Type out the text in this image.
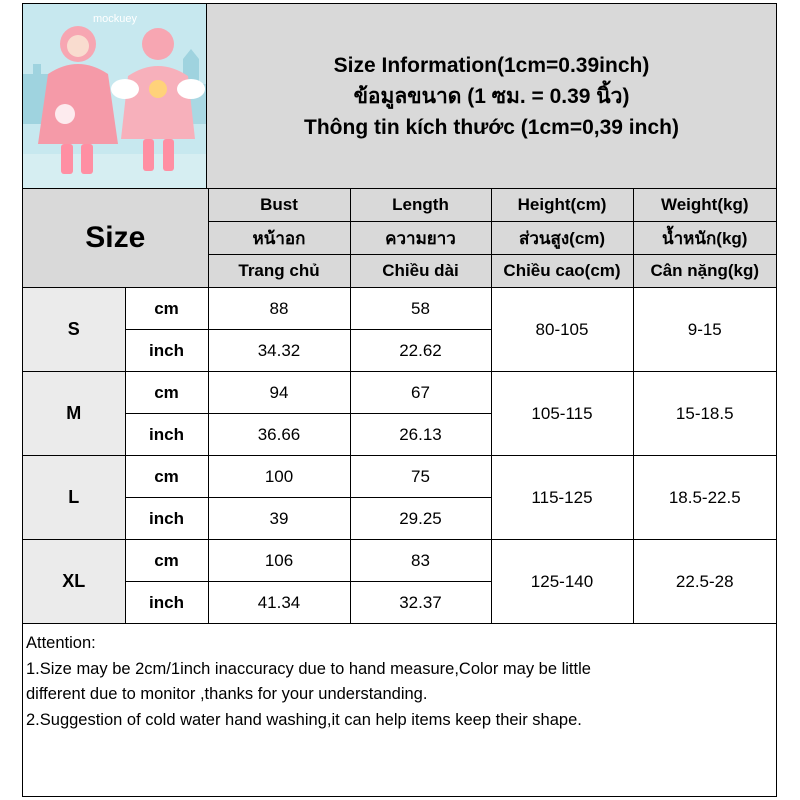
mockuey
Size Information(1cm=0.39inch)
ข้อมูลขนาด (1 ซม. = 0.39 นิ้ว)
Thông tin kích thước (1cm=0,39 inch)
Size		Bust	Length	Height(cm)	Weight(kg)
		หน้าอก	ความยาว	ส่วนสูง(cm)	น้ำหนัก(kg)
		Trang chủ	Chiều dài	Chiều cao(cm)	Cân nặng(kg)
S	cm	88	58	80-105	9-15
	inch	34.32	22.62		
M	cm	94	67	105-115	15-18.5
	inch	36.66	26.13		
L	cm	100	75	115-125	18.5-22.5
	inch	39	29.25		
XL	cm	106	83	125-140	22.5-28
	inch	41.34	32.37		
Attention:
1.Size may be 2cm/1inch inaccuracy due to hand measure,Color may be little
different due to monitor ,thanks for your understanding.
2.Suggestion of cold water hand washing,it can help items keep their shape.
